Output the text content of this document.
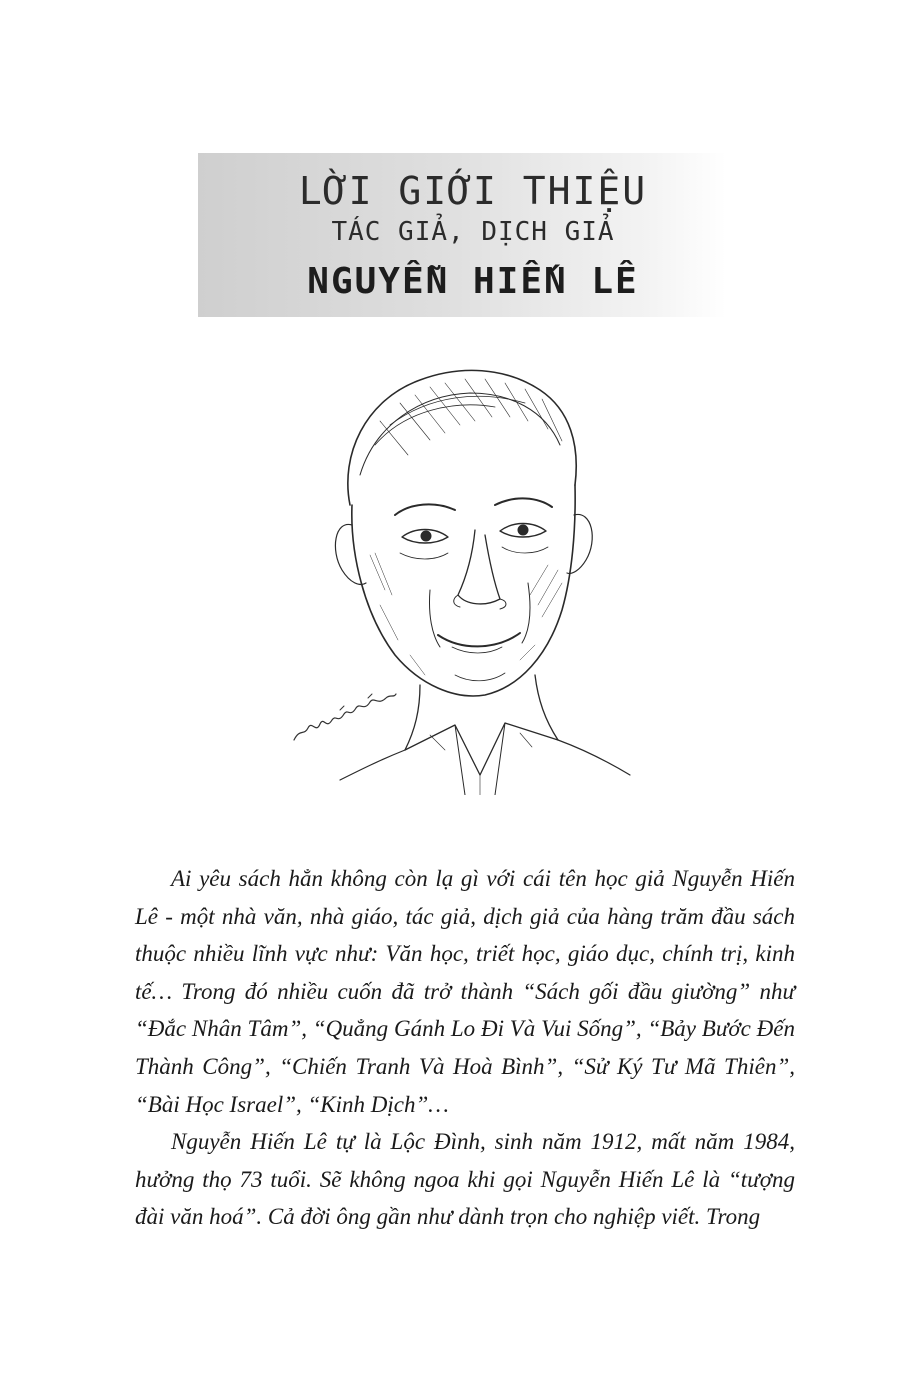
LỜI GIỚI THIỆU
TÁC GIẢ, DỊCH GIẢ
NGUYỄN HIẾN LÊ

Ai yêu sách hẳn không còn lạ gì với cái tên học giả Nguyễn Hiến Lê - một nhà văn, nhà giáo, tác giả, dịch giả của hàng trăm đầu sách thuộc nhiều lĩnh vực như: Văn học, triết học, giáo dục, chính trị, kinh tế… Trong đó nhiều cuốn đã trở thành “Sách gối đầu giường” như “Đắc Nhân Tâm”, “Quẳng Gánh Lo Đi Và Vui Sống”, “Bảy Bước Đến Thành Công”, “Chiến Tranh Và Hoà Bình”, “Sử Ký Tư Mã Thiên”, “Bài Học Israel”, “Kinh Dịch”…

Nguyễn Hiến Lê tự là Lộc Đình, sinh năm 1912, mất năm 1984, hưởng thọ 73 tuổi. Sẽ không ngoa khi gọi Nguyễn Hiến Lê là “tượng đài văn hoá”. Cả đời ông gần như dành trọn cho nghiệp viết. Trong
